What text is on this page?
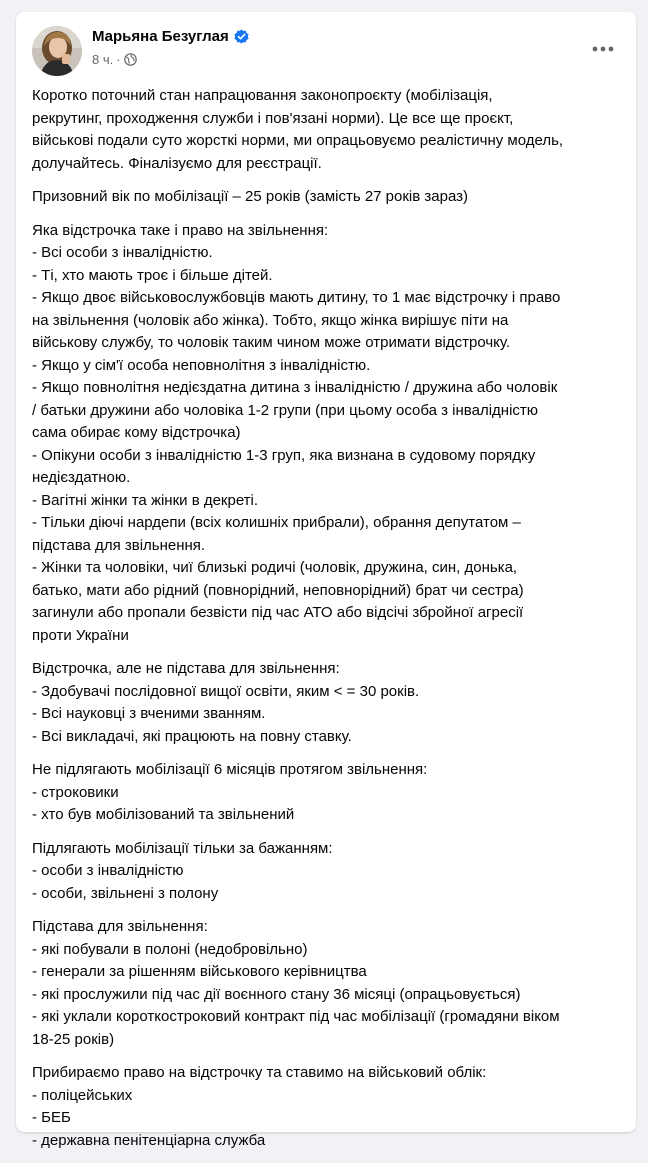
Марьяна Безуглая
8 ч. ·
Коротко поточний стан напрацювання законопроєкту (мобілізація,
рекрутинг, проходження служби і пов'язані норми). Це все ще проєкт,
військові подали суто жорсткі норми, ми опрацьовуємо реалістичну модель,
долучайтесь. Фіналізуємо для реєстрації.
Призовний вік по мобілізації – 25 років (замість 27 років зараз)
Яка відстрочка таке і право на звільнення:
- Всі особи з інвалідністю.
- Ті, хто мають троє і більше дітей.
- Якщо двоє військовослужбовців мають дитину, то 1 має відстрочку і право
на звільнення (чоловік або жінка). Тобто, якщо жінка вирішує піти на
військову службу, то чоловік таким чином може отримати відстрочку.
- Якщо у сім'ї особа неповнолітня з інвалідністю.
- Якщо повнолітня недієздатна дитина з інвалідністю / дружина або чоловік
/ батьки дружини або чоловіка 1-2 групи (при цьому особа з інвалідністю
сама обирає кому відстрочка)
- Опікуни особи з інвалідністю 1-3 груп, яка визнана в судовому порядку
недієздатною.
- Вагітні жінки та жінки в декреті.
- Тільки діючі нардепи (всіх колишніх прибрали), обрання депутатом –
підстава для звільнення.
- Жінки та чоловіки, чиї близькі родичі (чоловік, дружина, син, донька,
батько, мати або рідний (повнорідний, неповнорідний) брат чи сестра)
загинули або пропали безвісти під час АТО або відсічі збройної агресії
проти України
Відстрочка, але не підстава для звільнення:
- Здобувачі послідовної вищої освіти, яким < = 30 років.
- Всі науковці з вченими званням.
- Всі викладачі, які працюють на повну ставку.
Не підлягають мобілізації 6 місяців протягом звільнення:
- строковики
- хто був мобілізований та звільнений
Підлягають мобілізації тільки за бажанням:
- особи з інвалідністю
- особи, звільнені з полону
Підстава для звільнення:
- які побували в полоні (недобровільно)
- генерали за рішенням військового керівництва
- які прослужили під час дії воєнного стану 36 місяці (опрацьовується)
- які уклали короткостроковий контракт під час мобілізації (громадяни віком
18-25 років)
Прибираємо право на відстрочку та ставимо на військовий облік:
- поліцейських
- БЕБ
- державна пенітенціарна служба
